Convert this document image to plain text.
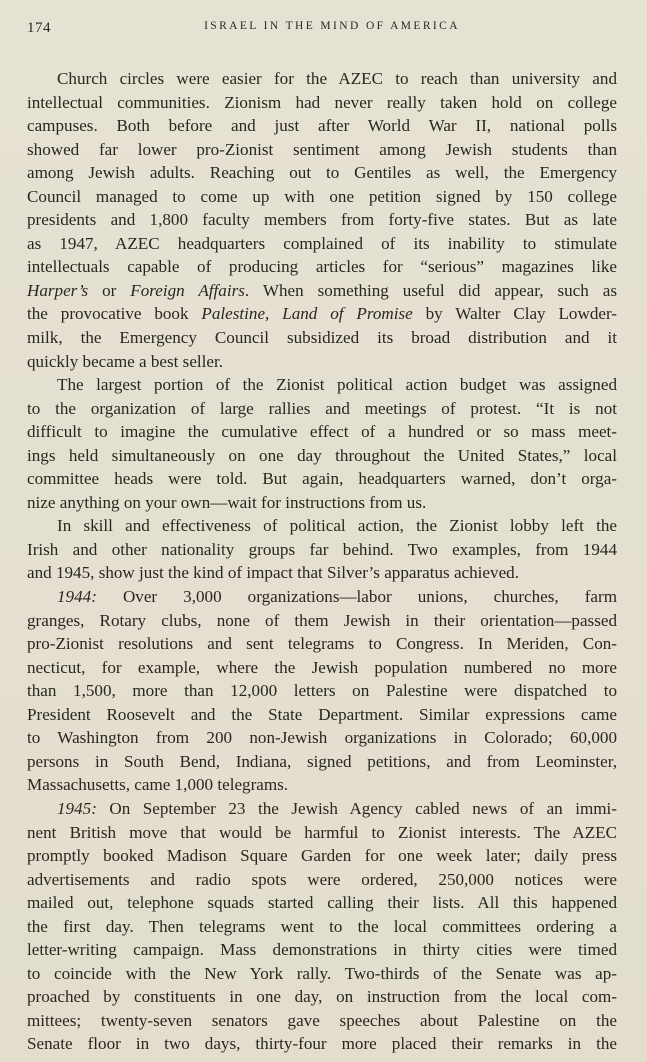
174	ISRAEL IN THE MIND OF AMERICA
Church circles were easier for the AZEC to reach than university and
intellectual communities. Zionism had never really taken hold on college
campuses. Both before and just after World War II, national polls
showed far lower pro-Zionist sentiment among Jewish students than
among Jewish adults. Reaching out to Gentiles as well, the Emergency
Council managed to come up with one petition signed by 150 college
presidents and 1,800 faculty members from forty-five states. But as late
as 1947, AZEC headquarters complained of its inability to stimulate
intellectuals capable of producing articles for “serious” magazines like
Harper’s or Foreign Affairs. When something useful did appear, such as
the provocative book Palestine, Land of Promise by Walter Clay Lowder-
milk, the Emergency Council subsidized its broad distribution and it
quickly became a best seller.
The largest portion of the Zionist political action budget was assigned
to the organization of large rallies and meetings of protest. “It is not
difficult to imagine the cumulative effect of a hundred or so mass meet-
ings held simultaneously on one day throughout the United States,” local
committee heads were told. But again, headquarters warned, don’t orga-
nize anything on your own—wait for instructions from us.
In skill and effectiveness of political action, the Zionist lobby left the
Irish and other nationality groups far behind. Two examples, from 1944
and 1945, show just the kind of impact that Silver’s apparatus achieved.
1944: Over 3,000 organizations—labor unions, churches, farm
granges, Rotary clubs, none of them Jewish in their orientation—passed
pro-Zionist resolutions and sent telegrams to Congress. In Meriden, Con-
necticut, for example, where the Jewish population numbered no more
than 1,500, more than 12,000 letters on Palestine were dispatched to
President Roosevelt and the State Department. Similar expressions came
to Washington from 200 non-Jewish organizations in Colorado; 60,000
persons in South Bend, Indiana, signed petitions, and from Leominster,
Massachusetts, came 1,000 telegrams.
1945: On September 23 the Jewish Agency cabled news of an immi-
nent British move that would be harmful to Zionist interests. The AZEC
promptly booked Madison Square Garden for one week later; daily press
advertisements and radio spots were ordered, 250,000 notices were
mailed out, telephone squads started calling their lists. All this happened
the first day. Then telegrams went to the local committees ordering a
letter-writing campaign. Mass demonstrations in thirty cities were timed
to coincide with the New York rally. Two-thirds of the Senate was ap-
proached by constituents in one day, on instruction from the local com-
mittees; twenty-seven senators gave speeches about Palestine on the
Senate floor in two days, thirty-four more placed their remarks in the
